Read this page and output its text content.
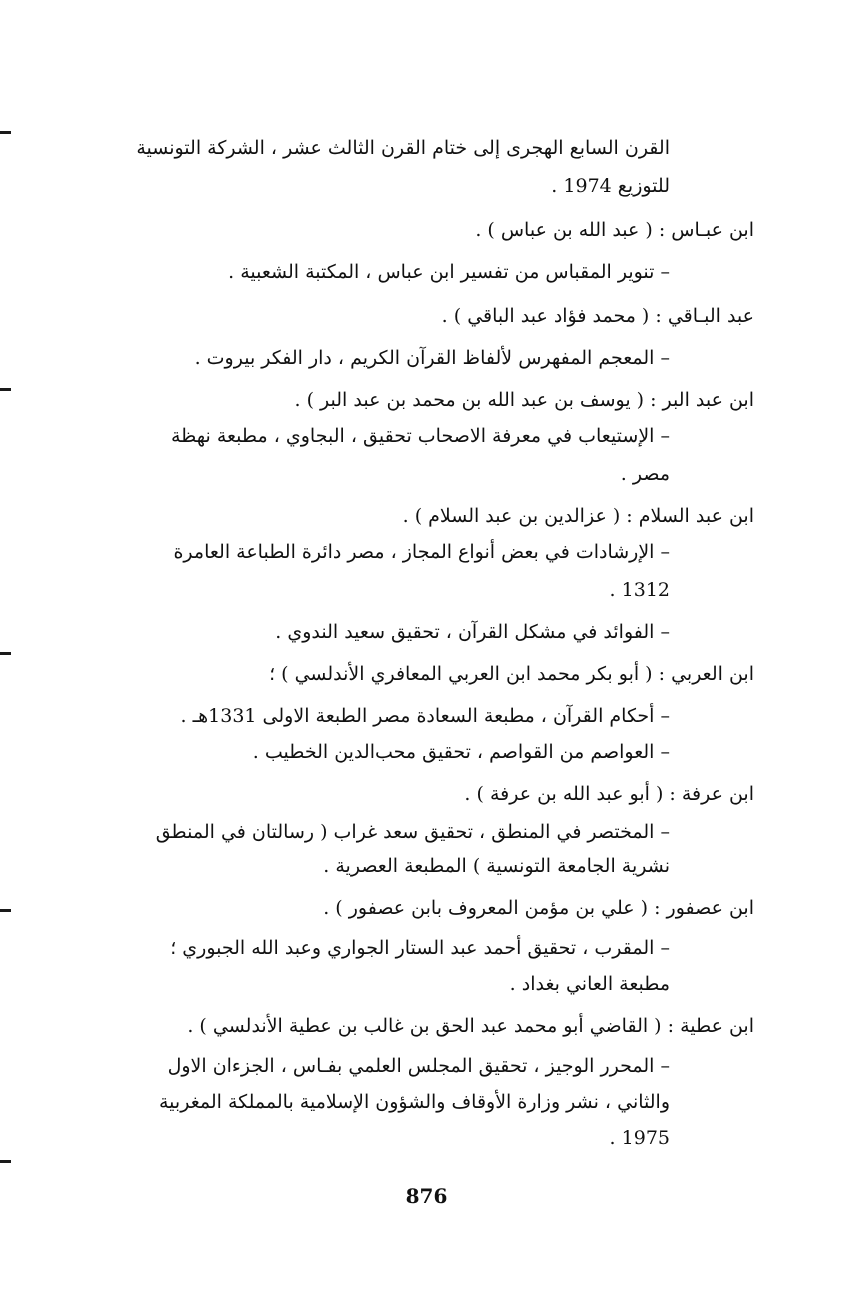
القرن السابع الهجرى إلى ختام القرن الثالث عشر ، الشركة التونسية
للتوزيع 1974 .
ابن عبـاس : ( عبد الله بن عباس ) .
– تنوير المقباس من تفسير ابن عباس ، المكتبة الشعبية .
عبد البـاقي : ( محمد فؤاد عبد الباقي ) .
– المعجم المفهرس لألفاظ القرآن الكريم ، دار الفكر بيروت .
ابن عبد البر : ( يوسف بن عبد الله بن محمد بن عبد البر ) .
– الإستيعاب في معرفة الاصحاب تحقيق ، البجاوي ، مطبعة نهظة
مصر .
ابن عبد السلام : ( عزالدين بن عبد السلام ) .
– الإرشادات في بعض أنواع المجاز ، مصر دائرة الطباعة العامرة
1312 .
– الفوائد في مشكل القرآن ، تحقيق سعيد الندوي .
ابن العربي : ( أبو بكر محمد ابن العربي المعافري الأندلسي ) ؛
– أحكام القرآن ، مطبعة السعادة مصر الطبعة الاولى 1331هـ .
– العواصم من القواصم ، تحقيق محب‌الدين الخطيب .
ابن عرفة : ( أبو عبد الله بن عرفة ) .
– المختصر في المنطق ، تحقيق سعد غراب ( رسالتان في المنطق
نشرية الجامعة التونسية ) المطبعة العصرية .
ابن عصفور : ( علي بن مؤمن المعروف بابن عصفور ) .
– المقرب ، تحقيق أحمد عبد الستار الجواري وعبد الله الجبوري ؛
مطبعة العاني بغداد .
ابن عطية : ( القاضي أبو محمد عبد الحق بن غالب بن عطية الأندلسي ) .
– المحرر الوجيز ، تحقيق المجلس العلمي بفـاس ، الجزءان الاول
والثاني ، نشر وزارة الأوقاف والشؤون الإسلامية بالمملكة المغربية
1975 .
876
